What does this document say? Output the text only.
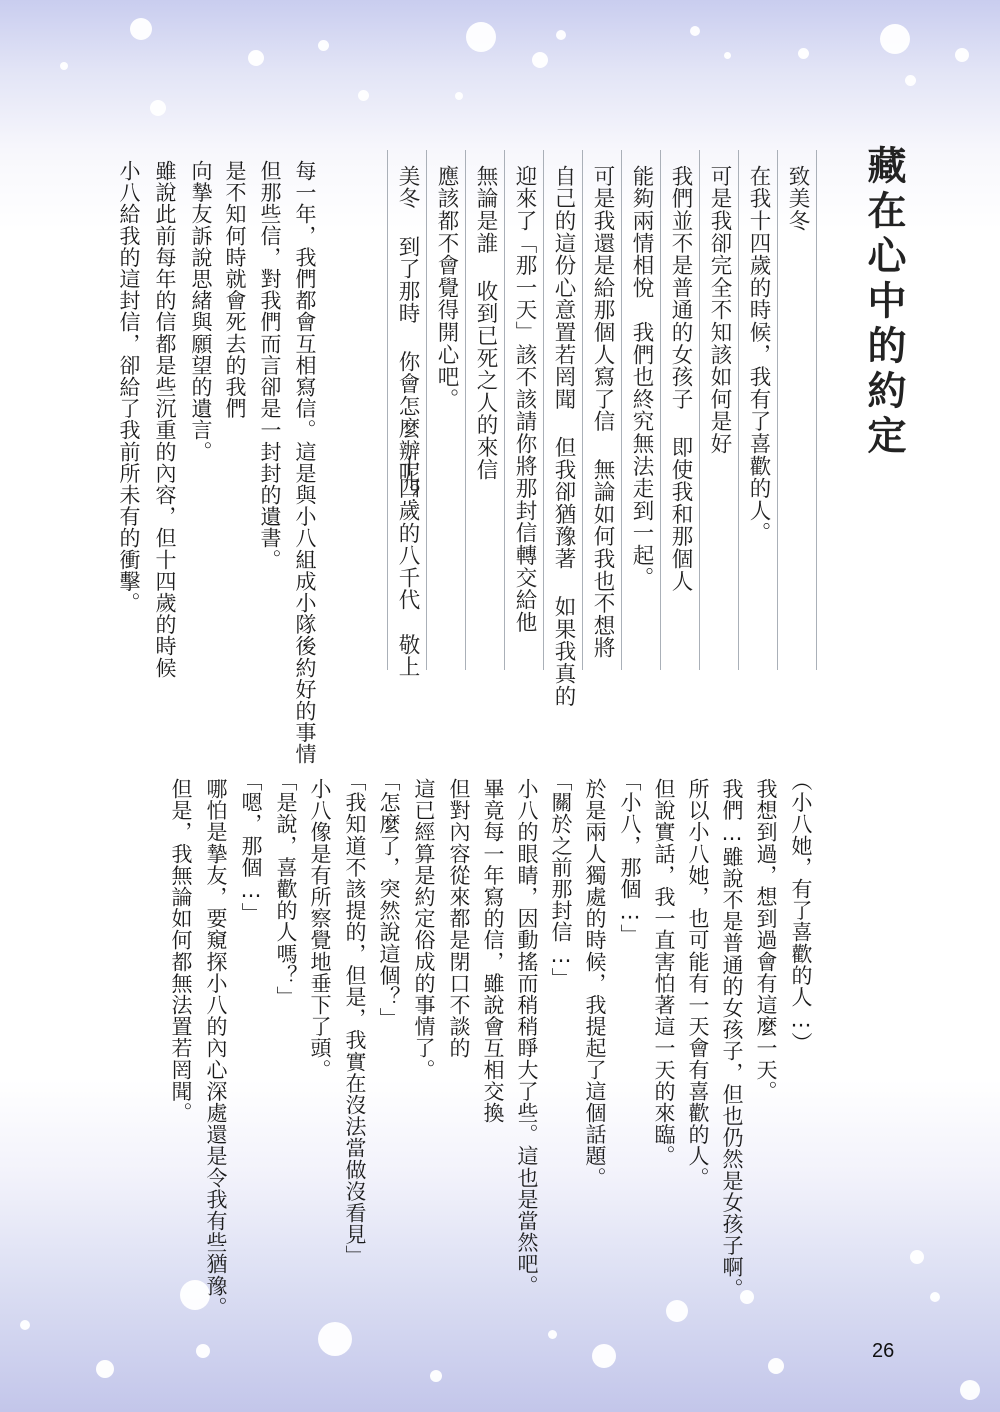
藏在心中的約定

致美冬

在我十四歲的時候，我有了喜歡的人。

可是我卻完全不知該如何是好

我們並不是普通的女孩子 即使我和那個人

能夠兩情相悅　我們也終究無法走到一起。

可是我還是給那個人寫了信 無論如何我也不想將

自己的這份心意置若罔聞 但我卻猶豫著 如果我真的

迎來了「那一天」該不該請你將那封信轉交給他

無論是誰 收到已死之人的來信

應該都不會覺得開心吧。

美冬 到了那時 你會怎麼辦呢？

十四歲的八千代　敬上

每一年，我們都會互相寫信。這是與小八組成小隊後約好的事情

但那些信，對我們而言卻是一封封的遺書。

是不知何時就會死去的我們

向摯友訴說思緒與願望的遺言。

雖說此前每年的信都是些沉重的內容，但十四歲的時候

小八給我的這封信，卻給了我前所未有的衝擊。

（小八她，有了喜歡的人…）

我想到過，想到過會有這麼一天。

我們…雖說不是普通的女孩子，但也仍然是女孩子啊。

所以小八她，也可能有一天會有喜歡的人。

但說實話，我一直害怕著這一天的來臨。

「小八，那個…」

於是兩人獨處的時候，我提起了這個話題。

「關於之前那封信…」

小八的眼睛，因動搖而稍稍睜大了些。這也是當然吧。

畢竟每一年寫的信，雖說會互相交換

但對內容從來都是閉口不談的

這已經算是約定俗成的事情了。

「怎麼了，突然說這個？」

「我知道不該提的，但是，我實在沒法當做沒看見」

小八像是有所察覺地垂下了頭。

「是說，喜歡的人嗎？」

「嗯，那個…」

哪怕是摯友，要窺探小八的內心深處還是令我有些猶豫。

但是，我無論如何都無法置若罔聞。

26
